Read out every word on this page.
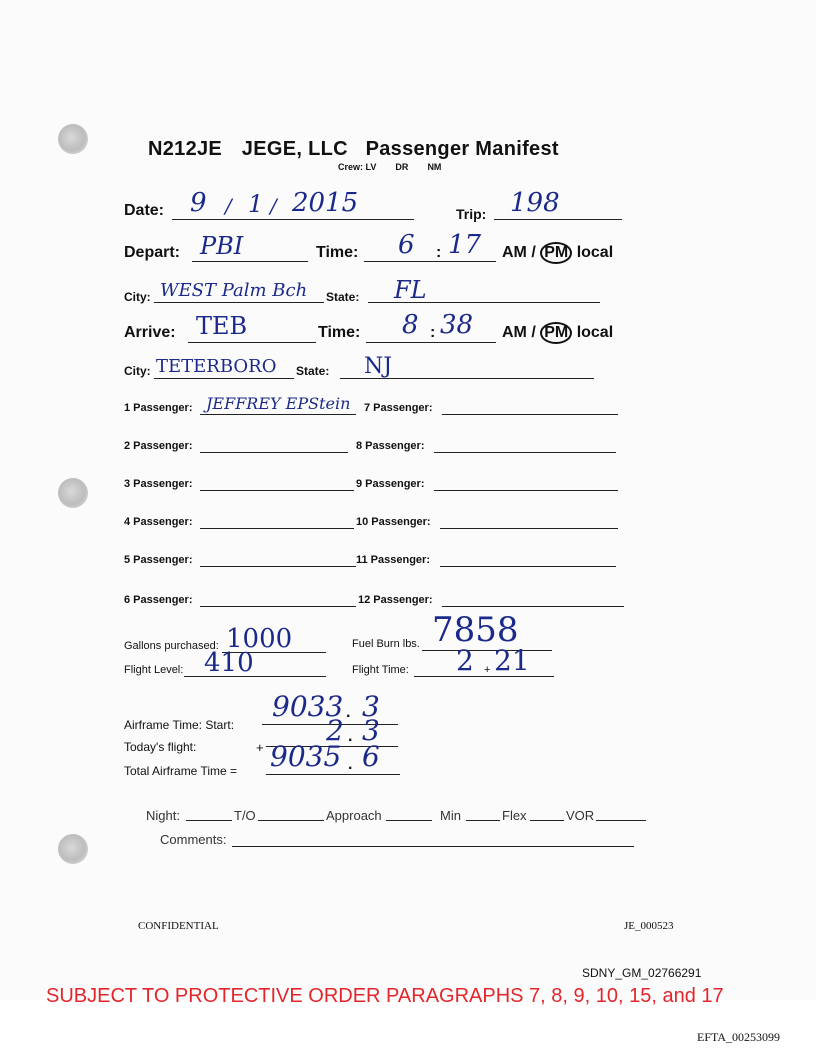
N212JE JEGE, LLC Passenger Manifest
Crew: LV DR NM
Date: 9 / 1 / 2015	Trip: 198
Depart: PBI	Time: 6 : 17 AM / PM local
City: WEST Palm Bch State: FL
Arrive: TEB	Time: 8 : 38 AM / PM local
City: TETERBORO State: NJ
1 Passenger: JEFFREY EPStein
2 Passenger:
3 Passenger:
4 Passenger:
5 Passenger:
6 Passenger:
7 Passenger:
8 Passenger:
9 Passenger:
10 Passenger:
11 Passenger:
12 Passenger:
Gallons purchased: 1000	Fuel Burn lbs. 7858
Flight Level: 410	Flight Time: 2 + 21
Airframe Time: Start:
9033 . 3
Today's flight:	+
2 . 3
Total Airframe Time = 9035 . 6
Night:	T/O	Approach	Min	Flex	VOR
Comments:
CONFIDENTIAL	JE_000523
SDNY_GM_02766291
SUBJECT TO PROTECTIVE ORDER PARAGRAPHS 7, 8, 9, 10, 15, and 17
EFTA_00253099
